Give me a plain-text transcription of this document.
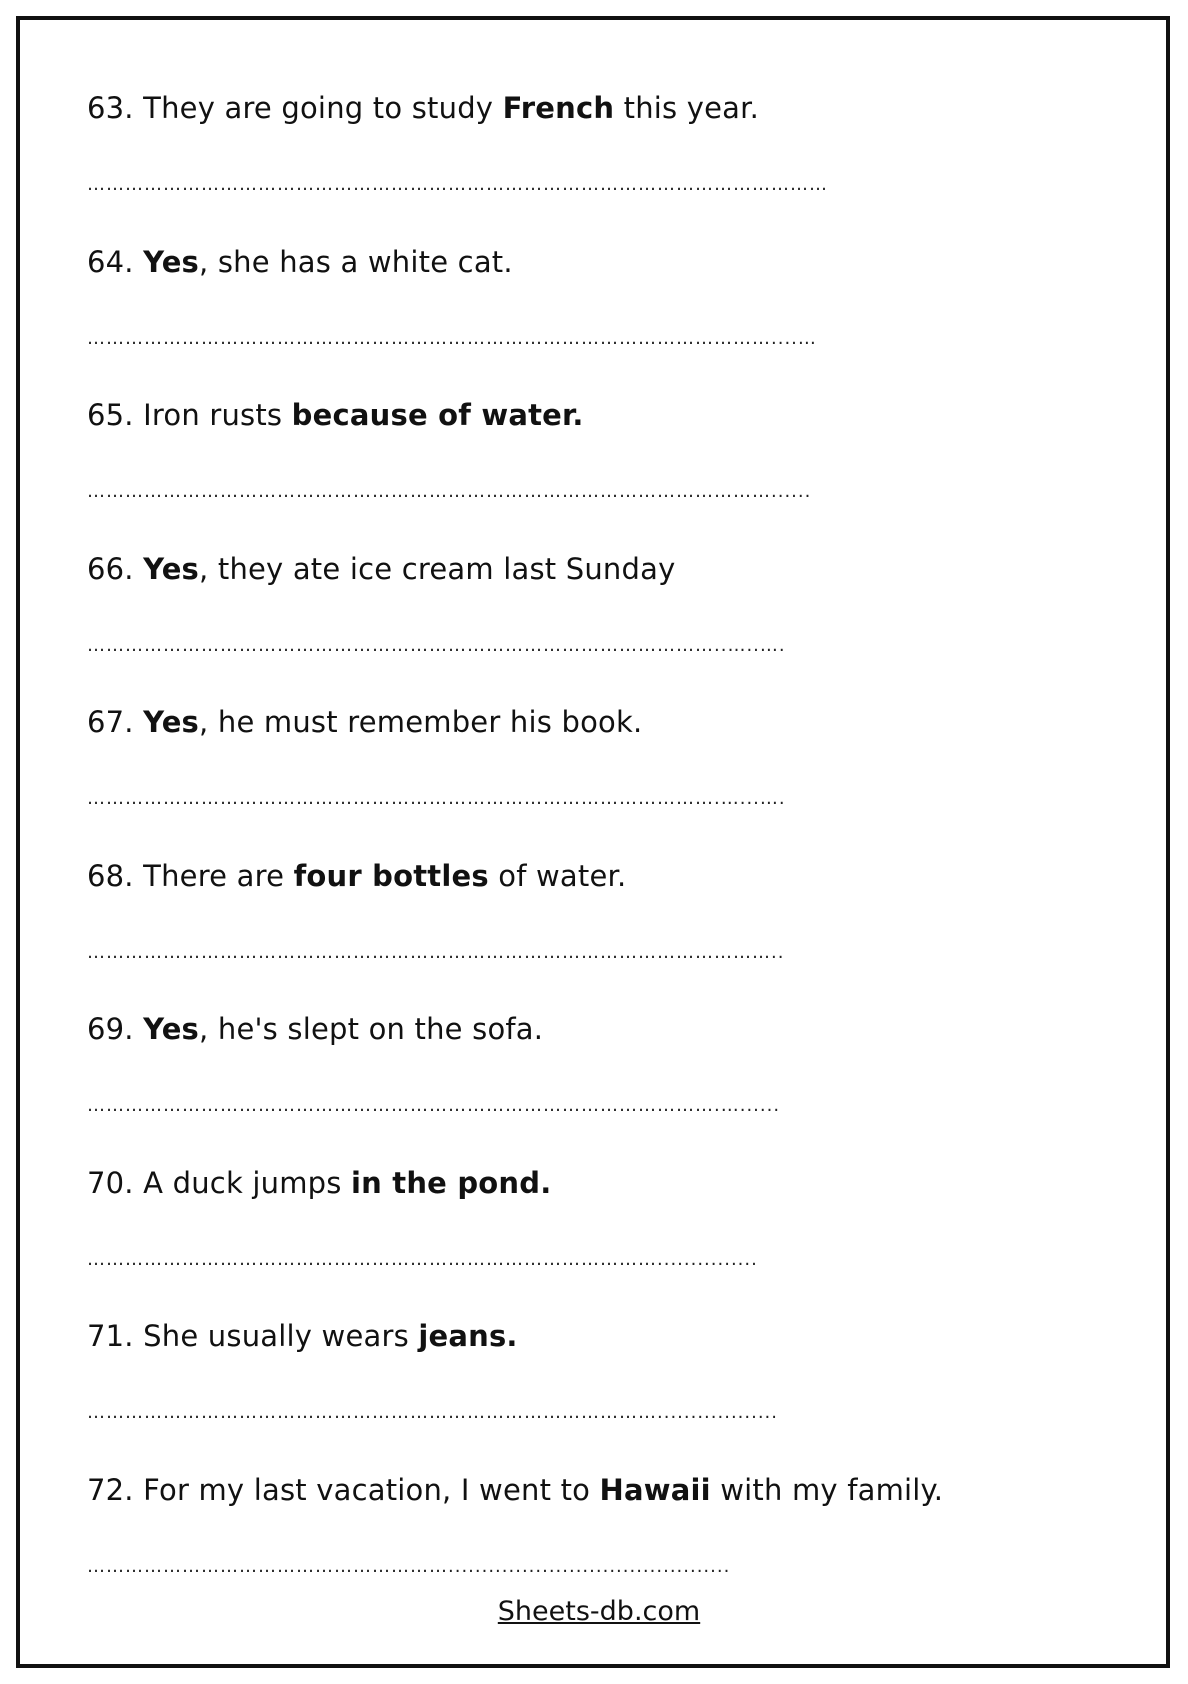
63. They are going to study French this year.
………………………………………………………………………………………………………
64. Yes, she has a white cat.
………………………………………………………………………………………………....…
65. Iron rusts because of water.
………………………………………………………………………………………………......
66. Yes, they ate ice cream last Sunday
………………………………………………………………………………………..…..….
67. Yes, he must remember his book.
……………………………………………………………………………………….…...….
68. There are four bottles of water.
………………………………………………………………………………………………..
69. Yes, he's slept on the sofa.
……………………………………………………………………………………….…......
70. A duck jumps in the pond.
………………………………………………………………………………...............
71. She usually wears jeans.
………………………………………………………………………………..................
72. For my last vacation, I went to Hawaii with my family.
…………………………………………………..........................................
Sheets-db.com
